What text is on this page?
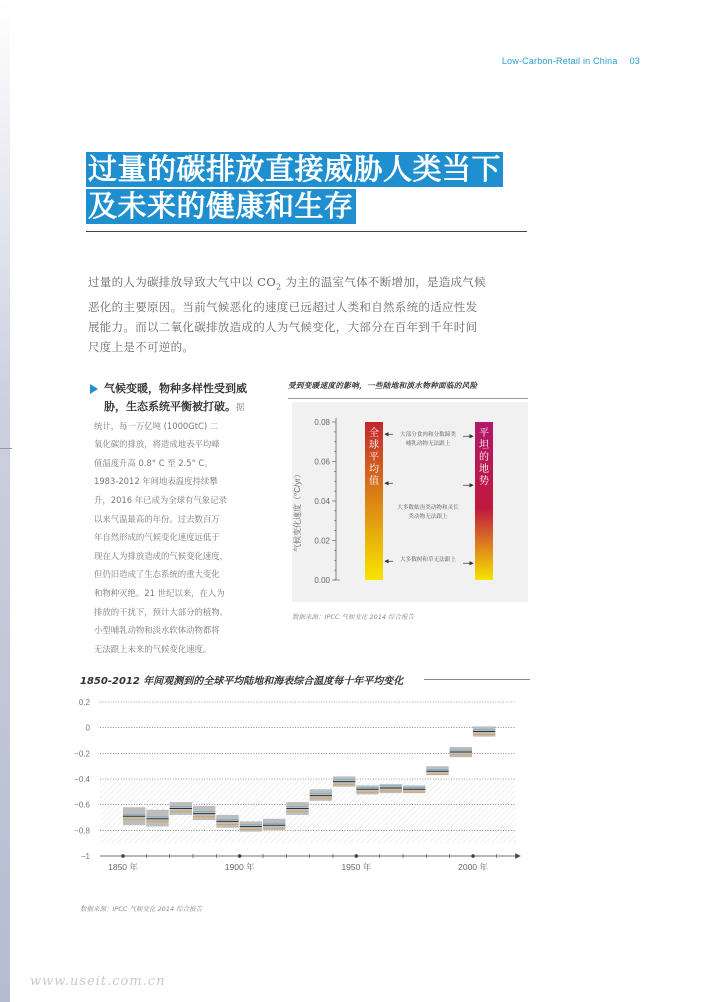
Low-Carbon-Retail in China 03
过量的碳排放直接威胁人类当下
及未来的健康和生存
过量的人为碳排放导致大气中以 $CO_2$ 为主的温室气体不断增加，是造成气候
恶化的主要原因。当前气候恶化的速度已远超过人类和自然系统的适应性发
展能力。而以二氧化碳排放造成的人为气候变化，大部分在百年到千年时间
尺度上是不可逆的。
气候变暖，物种多样性受到威
胁，生态系统平衡被打破。据
统计，每一万亿吨 (1000GtC) 二
氧化碳的排放，将造成地表平均峰
值温度升高 0.8° C 至 2.5° C。
1983-2012 年间地表温度持续攀
升，2016 年已成为全球有气象记录
以来气温最高的年份。过去数百万
年自然形成的气候变化速度远低于
现在人为排放造成的气候变化速度，
但仍旧造成了生态系统的重大变化
和物种灭绝。21 世纪以来，在人为
排放的干扰下，预计大部分的植物、
小型哺乳动物和淡水软体动物都将
无法跟上未来的气候变化速度。
受到变暖速度的影响，一些陆地和淡水物种面临的风险
气候变化速度（°C/yr）
0.00
0.02
0.04
0.06
0.08
全
球
平
均
值
平
坦
的
地
势
大部分食肉和分数蹄类
哺乳动物无法跟上
大多数蛄齿类动物和灵长
类动物无法跟上
大多数树和草无法跟上
数据来源：IPCC 气候变化 2014 综合报告
1850-2012 年间观测到的全球平均陆地和海表综合温度每十年平均变化
0.2
0
−0.2
−0.4
−0.6
−0.8
−1
1850 年	1900 年	1950 年	2000 年
数据来源：IPCC 气候变化 2014 综合报告
www.useit.com.cn
